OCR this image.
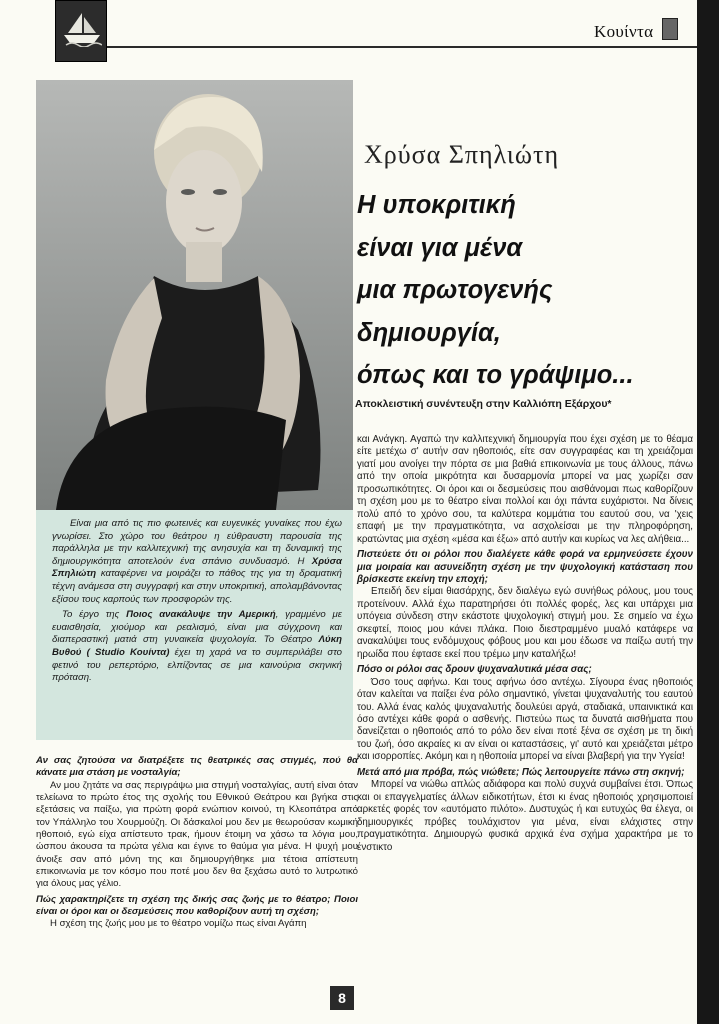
Κουίντα

Είναι μια από τις πιο φωτεινές και ευγενικές γυναίκες που έχω γνωρίσει. Στο χώρο του θεάτρου η εύθραυστη παρουσία της παράλληλα με την καλλιτεχνική της ανησυχία και τη δυναμική της δημιουργικότητα αποτελούν ένα σπάνιο συνδυασμό. Η Χρύσα Σπηλιώτη καταφέρνει να μοιράζει το πάθος της για τη δραματική τέχνη ανάμεσα στη συγγραφή και στην υποκριτική, απολαμβάνοντας εξίσου τους καρπούς των προσφορών της.

Το έργο της Ποιος ανακάλυψε την Αμερική, γραμμένο με ευαισθησία, χιούμορ και ρεαλισμό, είναι μια σύγχρονη και διαπεραστική ματιά στη γυναικεία ψυχολογία. Το Θέατρο Λύκη Βυθού ( Studio Κουίντα) έχει τη χαρά να το συμπεριλάβει στο φετινό του ρεπερτόριο, ελπίζοντας σε μια καινούρια σκηνική πρόταση.

Χρύσα Σπηλιώτη
Η υποκριτική
είναι για μένα
μια πρωτογενής
δημιουργία,
όπως και το γράψιμο...
Αποκλειστική συνέντευξη στην Καλλιόπη Εξάρχου*

και Ανάγκη. Αγαπώ την καλλιτεχνική δημιουργία που έχει σχέση με το θέαμα είτε μετέχω σ' αυτήν σαν ηθοποιός, είτε σαν συγγραφέας και τη χρειάζομαι γιατί μου ανοίγει την πόρτα σε μια βαθιά επικοινωνία με τους άλλους, πάνω από την οποία μικρότητα και δυσαρμονία μπορεί να μας χωρίζει σαν προσωπικότητες. Οι όροι και οι δεσμεύσεις που αισθάνομαι πως καθορίζουν τη σχέση μου με το θέατρο είναι πολλοί και όχι πάντα ευχάριστοι. Να δίνεις πολύ από το χρόνο σου, τα καλύτερα κομμάτια του εαυτού σου, να 'χεις επαφή με την πραγματικότητα, να ασχολείσαι με την πληροφόρηση, κρατώντας μια σχέση «μέσα και έξω» από αυτήν και κυρίως να λες αλήθεια...

Πιστεύετε ότι οι ρόλοι που διαλέγετε κάθε φορά να ερμηνεύσετε έχουν μια μοιραία και ασυνείδητη σχέση με την ψυχολογική κατάσταση που βρίσκεστε εκείνη την εποχή;

Επειδή δεν είμαι θιασάρχης, δεν διαλέγω εγώ συνήθως ρόλους, μου τους προτείνουν. Αλλά έχω παρατηρήσει ότι πολλές φορές, λες και υπάρχει μια υπόγεια σύνδεση στην εκάστοτε ψυχολογική στιγμή μου. Σε σημείο να έχω σκεφτεί, ποιος μου κάνει πλάκα. Ποιο διεστραμμένο μυαλό κατάφερε να ανακαλύψει τους ενδόμυχους φόβους μου και μου έδωσε να παίξω αυτή την ηρωίδα που έφτασε εκεί που τρέμω μην καταλήξω!

Πόσο οι ρόλοι σας δρουν ψυχαναλυτικά μέσα σας;

Όσο τους αφήνω. Και τους αφήνω όσο αντέχω. Σίγουρα ένας ηθοποιός όταν καλείται να παίξει ένα ρόλο σημαντικό, γίνεται ψυχαναλυτής του εαυτού του. Αλλά ένας καλός ψυχαναλυτής δουλεύει αργά, σταδιακά, υπαινικτικά και όσο αντέχει κάθε φορά ο ασθενής. Πιστεύω πως τα δυνατά αισθήματα που δανείζεται ο ηθοποιός από το ρόλο δεν είναι ποτέ ξένα σε σχέση με τη δική του ζωή, όσο ακραίες κι αν είναι οι καταστάσεις, γι' αυτό και χρειάζεται μέτρο και ισορροπίες. Ακόμη και η ηθοποιία μπορεί να είναι βλαβερή για την Υγεία!

Μετά από μια πρόβα, πώς νιώθετε; Πώς λειτουργείτε πάνω στη σκηνή;

Μπορεί να νιώθω απλώς αδιάφορα και πολύ συχνά συμβαίνει έτσι. Όπως και οι επαγγελματίες άλλων ειδικοτήτων, έτσι κι ένας ηθοποιός χρησιμοποιεί αρκετές φορές τον «αυτόματο πιλότο». Δυστυχώς ή και ευτυχώς θα έλεγα, οι δημιουργικές πρόβες τουλάχιστον για μένα, είναι ελάχιστες στην πραγματικότητα. Δημιουργώ φυσικά αρχικά ένα σχήμα χαρακτήρα με το ένστικτο

Αν σας ζητούσα να διατρέξετε τις θεατρικές σας στιγμές, πού θα κάνατε μια στάση με νοσταλγία;

Αν μου ζητάτε να σας περιγράψω μια στιγμή νοσταλγίας, αυτή είναι όταν τελείωνα το πρώτο έτος της σχολής του Εθνικού Θεάτρου και βγήκα στις εξετάσεις να παίξω, για πρώτη φορά ενώπιον κοινού, τη Κλεοπάτρα από τον Υπάλληλο του Χουρμούζη. Οι δάσκαλοί μου δεν με θεωρούσαν κωμική ηθοποιό, εγώ είχα απίστευτο τρακ, ήμουν έτοιμη να χάσω τα λόγια μου, ώσπου άκουσα τα πρώτα γέλια και έγινε το θαύμα για μένα. Η ψυχή μου άνοιξε σαν από μόνη της και δημιουργήθηκε μια τέτοια απίστευτη επικοινωνία με τον κόσμο που ποτέ μου δεν θα ξεχάσω αυτό το λυτρωτικό για όλους μας γέλιο.

Πώς χαρακτηρίζετε τη σχέση της δικής σας ζωής με το θέατρο; Ποιοι είναι οι όροι και οι δεσμεύσεις που καθορίζουν αυτή τη σχέση;

Η σχέση της ζωής μου με το θέατρο νομίζω πως είναι Αγάπη

8
